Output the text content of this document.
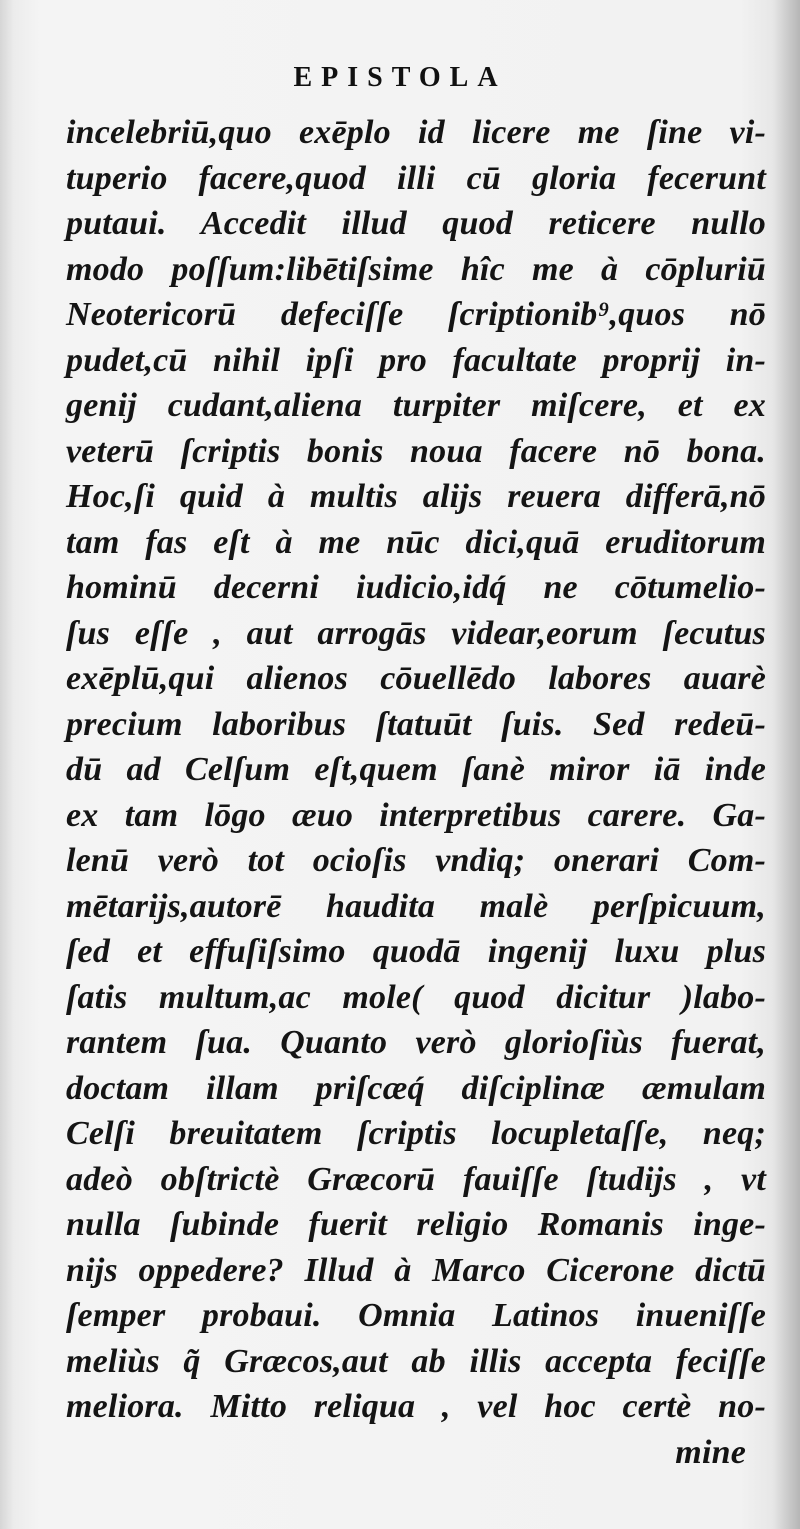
EPISTOLA
incelebriū,quo exēplo id licere me ſine vi-
tuperio facere,quod illi cū gloria fecerunt
putaui. Accedit illud quod reticere nullo
modo poſſum:libētiſsime hîc me à cōpluriū
Neotericorū defeciſſe ſcriptionib⁹,quos nō
pudet,cū nihil ipſi pro facultate proprij in-
genij cudant,aliena turpiter miſcere, et ex
veterū ſcriptis bonis noua facere nō bona.
Hoc,ſi quid à multis alijs reuera differā,nō
tam fas eſt à me nūc dici,quā eruditorum
hominū decerni iudicio,idq́ ne cōtumelio-
ſus eſſe , aut arrogās videar,eorum ſecutus
exēplū,qui alienos cōuellēdo labores auarè
precium laboribus ſtatuūt ſuis. Sed redeū-
dū ad Celſum eſt,quem ſanè miror iā inde
ex tam lōgo æuo interpretibus carere. Ga-
lenū verò tot ocioſis vndiq; onerari Com-
mētarijs,autorē haudita malè perſpicuum,
ſed et effuſiſsimo quodā ingenij luxu plus
ſatis multum,ac mole( quod dicitur )labo-
rantem ſua. Quanto verò glorioſiùs fuerat,
doctam illam priſcæq́ diſciplinæ æmulam
Celſi breuitatem ſcriptis locupletaſſe, neq;
adeò obſtrictè Græcorū fauiſſe ſtudijs , vt
nulla ſubinde fuerit religio Romanis inge-
nijs oppedere? Illud à Marco Cicerone dictū
ſemper probaui. Omnia Latinos inueniſſe
meliùs q̃ Græcos,aut ab illis accepta feciſſe
meliora. Mitto reliqua , vel hoc certè no-
mine
